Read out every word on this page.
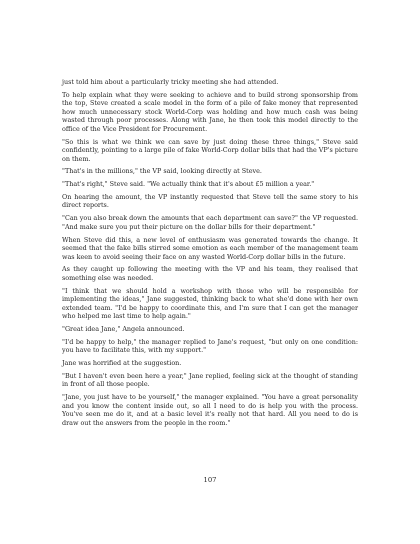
just told him about a particularly tricky meeting she had attended.

To help explain what they were seeking to achieve and to build strong sponsorship from the top, Steve created a scale model in the form of a pile of fake money that represented how much unnecessary stock World-Corp was holding and how much cash was being wasted through poor processes. Along with Jane, he then took this model directly to the office of the Vice President for Procurement.

"So this is what we think we can save by just doing these three things," Steve said confidently, pointing to a large pile of fake World-Corp dollar bills that had the VP's picture on them.

"That's in the millions," the VP said, looking directly at Steve.

"That's right," Steve said. "We actually think that it's about £5 million a year."

On hearing the amount, the VP instantly requested that Steve tell the same story to his direct reports.

"Can you also break down the amounts that each department can save?" the VP requested. "And make sure you put their picture on the dollar bills for their department."

When Steve did this, a new level of enthusiasm was generated towards the change. It seemed that the fake bills stirred some emotion as each member of the management team was keen to avoid seeing their face on any wasted World-Corp dollar bills in the future.

As they caught up following the meeting with the VP and his team, they realised that something else was needed.

"I think that we should hold a workshop with those who will be responsible for implementing the ideas," Jane suggested, thinking back to what she'd done with her own extended team. "I'd be happy to coordinate this, and I'm sure that I can get the manager who helped me last time to help again."

"Great idea Jane," Angela announced.

"I'd be happy to help," the manager replied to Jane's request, "but only on one condition: you have to facilitate this, with my support."

Jane was horrified at the suggestion.

"But I haven't even been here a year," Jane replied, feeling sick at the thought of standing in front of all those people.

"Jane, you just have to be yourself," the manager explained. "You have a great personality and you know the content inside out, so all I need to do is help you with the process. You've seen me do it, and at a basic level it's really not that hard. All you need to do is draw out the answers from the people in the room."

107
